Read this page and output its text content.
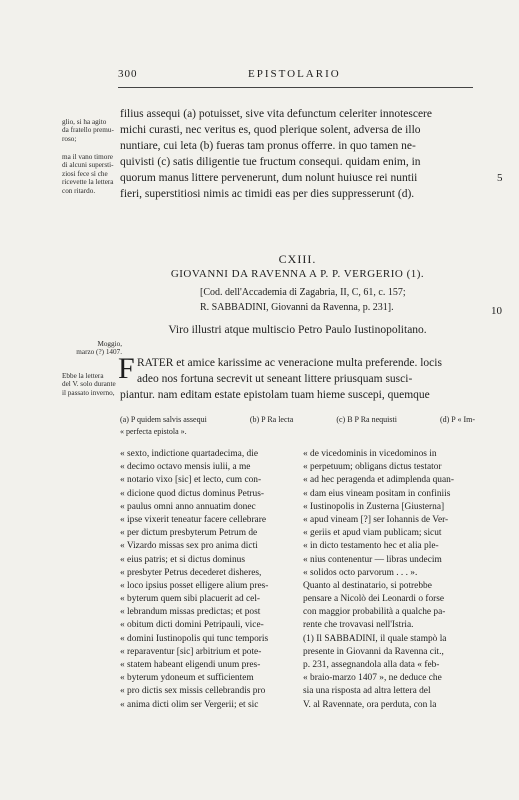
300	EPISTOLARIO
glio, si ha agito
da fratello premu-
roso;
ma il vano timore
di alcuni supersti-
ziosi fece sì che
ricevette la lettera
con ritardo.
Moggio,
marzo (?) 1407.
Ebbe la lettera
del V. solo durante
il passato inverno,
filius assequi (a) potuisset, sive vita defunctum celeriter innotescere
michi curasti, nec veritus es, quod plerique solent, adversa de illo
nuntiare, cui leta (b) fueras tam pronus offerre. in quo tamen ne-
quivisti (c) satis diligentie tue fructum consequi. quidam enim, in
quorum manus littere pervenerunt, dum nolunt huiusce rei nuntii
fieri, superstitiosi nimis ac timidi eas per dies suppresserunt (d).
5
10
CXIII.
GIOVANNI DA RAVENNA A P. P. VERGERIO (1).
[Cod. dell'Accademia di Zagabria, II, C, 61, c. 157;
R. SABBADINI, Giovanni da Ravenna, p. 231].
Viro illustri atque multiscio Petro Paulo Iustinopolitano.
F RATER et amice karissime ac veneracione multa preferende. locis
adeo nos fortuna secrevit ut seneant littere priusquam susci-
piantur. nam editam estate epistolam tuam hieme suscepi, quemque
(a) P quidem salvis assequi	(b) P Ra lecta	(c) B P Ra nequisti	(d) P « Im-
« perfecta epistola ».
« sexto, indictione quartadecima, die
« decimo octavo mensis iulii, a me
« notario vixo [sic] et lecto, cum con-
« dicione quod dictus dominus Petrus-
« paulus omni anno annuatim donec
« ipse vixerit teneatur facere cellebrare
« per dictum presbyterum Petrum de
« Vizardo missas sex pro anima dicti
« eius patris; et si dictus dominus
« presbyter Petrus decederet disheres,
« loco ipsius posset elligere alium pres-
« byterum quem sibi placuerit ad cel-
« lebrandum missas predictas; et post
« obitum dicti domini Petripauli, vice-
« domini Iustinopolis qui tunc temporis
« reparaventur [sic] arbitrium et pote-
« statem habeant eligendi unum pres-
« byterum ydoneum et sufficientem
« pro dictis sex missis cellebrandis pro
« anima dicti olim ser Vergerii; et sic
« de vicedominis in vicedominos in
« perpetuum; obligans dictus testator
« ad hec peragenda et adimplenda quan-
« dam eius vineam positam in confiniis
« Iustinopolis in Zusterna [Giusterna]
« apud vineam [?] ser Iohannis de Ver-
« geriis et apud viam publicam; sicut
« in dicto testamento hec et alia ple-
« nius contenentur — libras undecim
« solidos octo parvorum . . . ».
Quanto al destinatario, si potrebbe
pensare a Nicolò dei Leonardi o forse
con maggior probabilità a qualche pa-
rente che trovavasi nell'Istria.
(1) Il SABBADINI, il quale stampò la
presente in Giovanni da Ravenna cit.,
p. 231, assegnandola alla data « feb-
« braio-marzo 1407 », ne deduce che
sia una risposta ad altra lettera del
V. al Ravennate, ora perduta, con la
